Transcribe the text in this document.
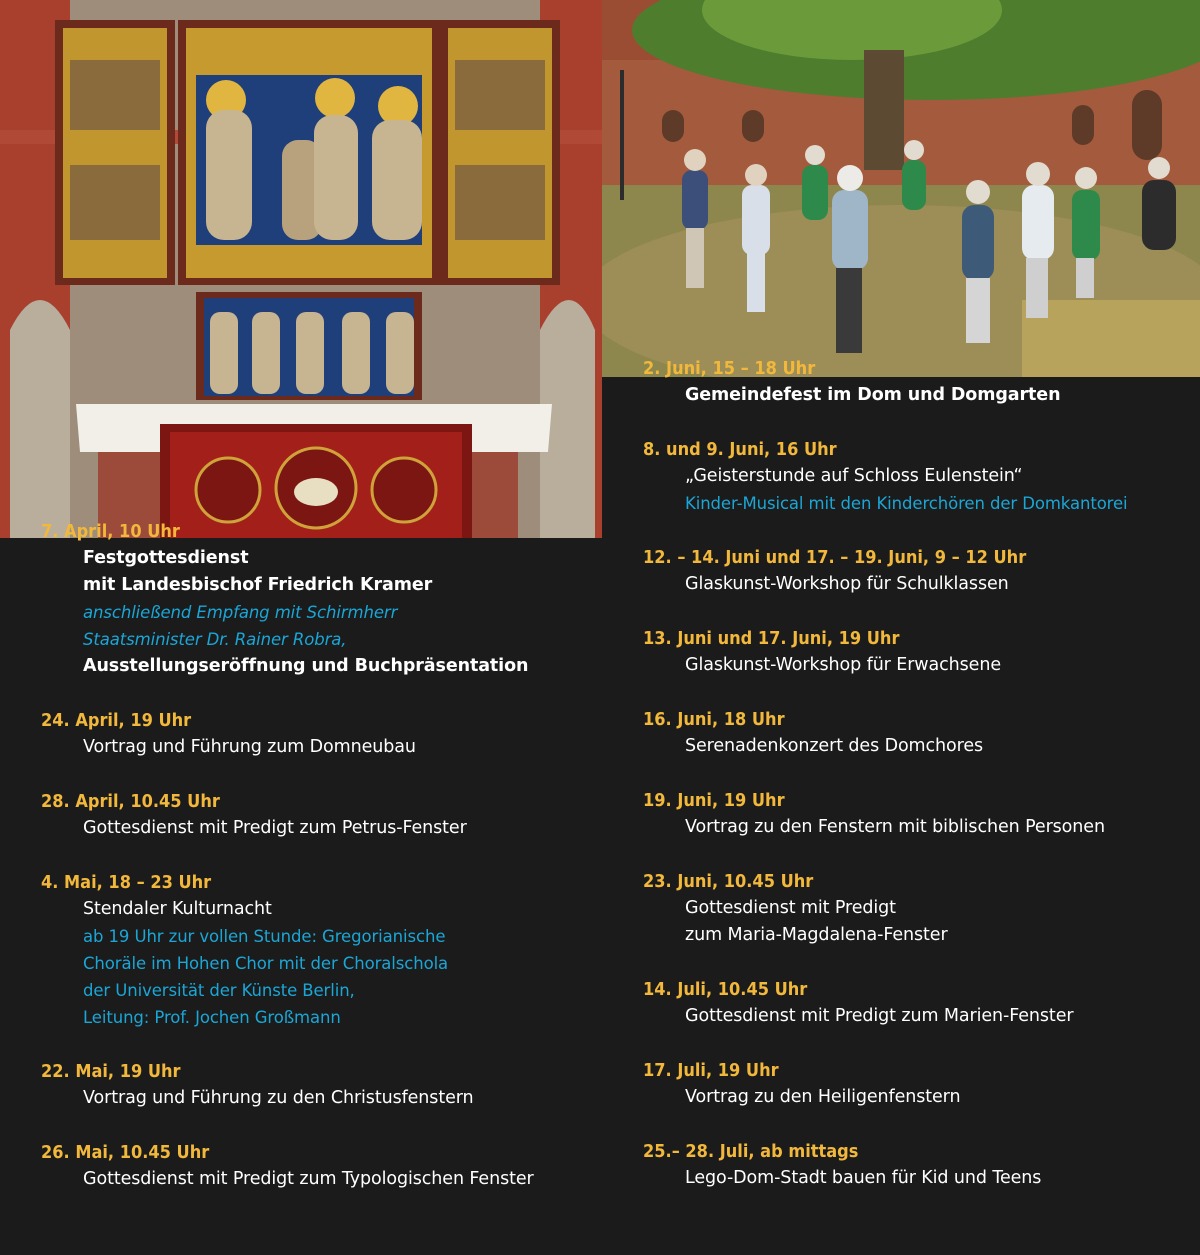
7. April, 10 Uhr
Festgottesdienst
mit Landesbischof Friedrich Kramer
anschließend Empfang mit Schirmherr
Staatsminister Dr. Rainer Robra,
Ausstellungseröffnung und Buchpräsentation
24. April, 19 Uhr
Vortrag und Führung zum Domneubau
28. April, 10.45 Uhr
Gottesdienst mit Predigt zum Petrus-Fenster
4. Mai, 18 – 23 Uhr
Stendaler Kulturnacht
ab 19 Uhr zur vollen Stunde: Gregorianische
Choräle im Hohen Chor mit der Choralschola
der Universität der Künste Berlin,
Leitung: Prof. Jochen Großmann
22. Mai, 19 Uhr
Vortrag und Führung zu den Christusfenstern
26. Mai, 10.45 Uhr
Gottesdienst mit Predigt zum Typologischen Fenster
2. Juni, 15 – 18 Uhr
Gemeindefest im Dom und Domgarten
8. und 9. Juni, 16 Uhr
„Geisterstunde auf Schloss Eulenstein“
Kinder-Musical mit den Kinderchören der Domkantorei
12. – 14. Juni und 17. – 19. Juni, 9 – 12 Uhr
Glaskunst-Workshop für Schulklassen
13. Juni und 17. Juni, 19 Uhr
Glaskunst-Workshop für Erwachsene
16. Juni, 18 Uhr
Serenadenkonzert des Domchores
19. Juni, 19 Uhr
Vortrag zu den Fenstern mit biblischen Personen
23. Juni, 10.45 Uhr
Gottesdienst mit Predigt
zum Maria-Magdalena-Fenster
14. Juli, 10.45 Uhr
Gottesdienst mit Predigt zum Marien-Fenster
17. Juli, 19 Uhr
Vortrag zu den Heiligenfenstern
25.– 28. Juli, ab mittags
Lego-Dom-Stadt bauen für Kid und Teens
